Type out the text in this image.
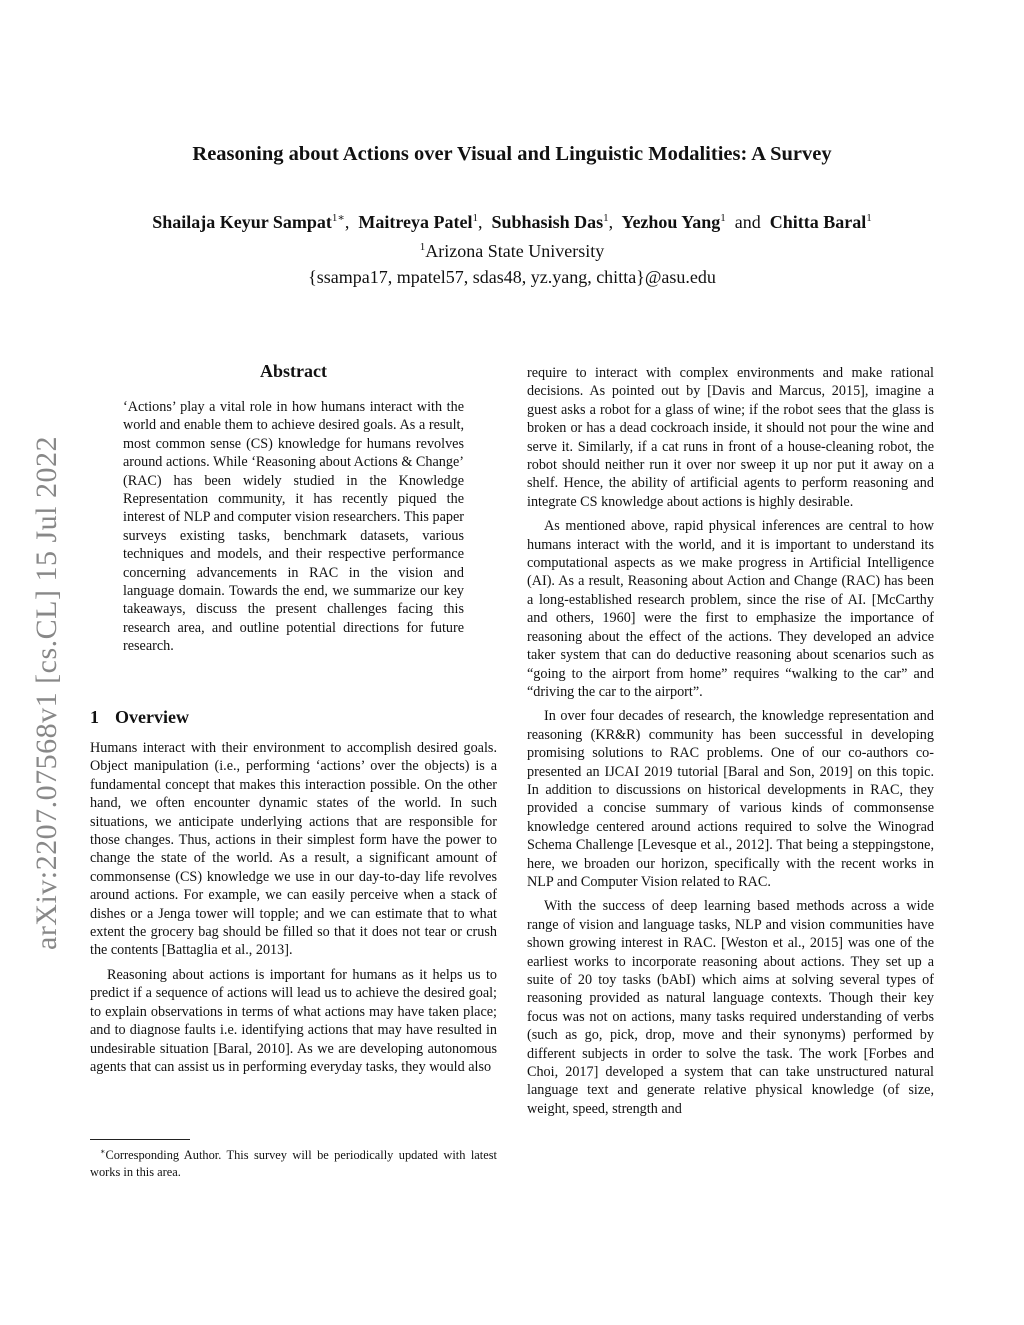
arXiv:2207.07568v1 [cs.CL] 15 Jul 2022
Reasoning about Actions over Visual and Linguistic Modalities: A Survey
Shailaja Keyur Sampat$^{1∗}$, Maitreya Patel$^1$, Subhasish Das$^1$, Yezhou Yang$^1$ and Chitta Baral$^1$
$^1$Arizona State University
{ssampa17, mpatel57, sdas48, yz.yang, chitta}@asu.edu
Abstract
‘Actions’ play a vital role in how humans interact with the world and enable them to achieve desired goals. As a result, most common sense (CS) knowledge for humans revolves around actions. While ‘Reasoning about Actions & Change’ (RAC) has been widely studied in the Knowledge Representation community, it has recently piqued the interest of NLP and computer vision researchers. This paper surveys existing tasks, benchmark datasets, various techniques and models, and their respective performance concerning advancements in RAC in the vision and language domain. Towards the end, we summarize our key takeaways, discuss the present challenges facing this research area, and outline potential directions for future research.
1 Overview

Humans interact with their environment to accomplish desired goals. Object manipulation (i.e., performing ‘actions’ over the objects) is a fundamental concept that makes this interaction possible. On the other hand, we often encounter dynamic states of the world. In such situations, we anticipate underlying actions that are responsible for those changes. Thus, actions in their simplest form have the power to change the state of the world. As a result, a significant amount of commonsense (CS) knowledge we use in our day-to-day life revolves around actions. For example, we can easily perceive when a stack of dishes or a Jenga tower will topple; and we can estimate that to what extent the grocery bag should be filled so that it does not tear or crush the contents [Battaglia et al., 2013].

Reasoning about actions is important for humans as it helps us to predict if a sequence of actions will lead us to achieve the desired goal; to explain observations in terms of what actions may have taken place; and to diagnose faults i.e. identifying actions that may have resulted in undesirable situation [Baral, 2010]. As we are developing autonomous agents that can assist us in performing everyday tasks, they would also

∗Corresponding Author. This survey will be periodically updated with latest works in this area.

require to interact with complex environments and make rational decisions. As pointed out by [Davis and Marcus, 2015], imagine a guest asks a robot for a glass of wine; if the robot sees that the glass is broken or has a dead cockroach inside, it should not pour the wine and serve it. Similarly, if a cat runs in front of a house-cleaning robot, the robot should neither run it over nor sweep it up nor put it away on a shelf. Hence, the ability of artificial agents to perform reasoning and integrate CS knowledge about actions is highly desirable.

As mentioned above, rapid physical inferences are central to how humans interact with the world, and it is important to understand its computational aspects as we make progress in Artificial Intelligence (AI). As a result, Reasoning about Action and Change (RAC) has been a long-established research problem, since the rise of AI. [McCarthy and others, 1960] were the first to emphasize the importance of reasoning about the effect of the actions. They developed an advice taker system that can do deductive reasoning about scenarios such as “going to the airport from home” requires “walking to the car” and “driving the car to the airport”.

In over four decades of research, the knowledge representation and reasoning (KR&R) community has been successful in developing promising solutions to RAC problems. One of our co-authors co-presented an IJCAI 2019 tutorial [Baral and Son, 2019] on this topic. In addition to discussions on historical developments in RAC, they provided a concise summary of various kinds of commonsense knowledge centered around actions required to solve the Winograd Schema Challenge [Levesque et al., 2012]. That being a steppingstone, here, we broaden our horizon, specifically with the recent works in NLP and Computer Vision related to RAC.

With the success of deep learning based methods across a wide range of vision and language tasks, NLP and vision communities have shown growing interest in RAC. [Weston et al., 2015] was one of the earliest works to incorporate reasoning about actions. They set up a suite of 20 toy tasks (bAbI) which aims at solving several types of reasoning provided as natural language contexts. Though their key focus was not on actions, many tasks required understanding of verbs (such as go, pick, drop, move and their synonyms) performed by different subjects in order to solve the task. The work [Forbes and Choi, 2017] developed a system that can take unstructured natural language text and generate relative physical knowledge (of size, weight, speed, strength and
